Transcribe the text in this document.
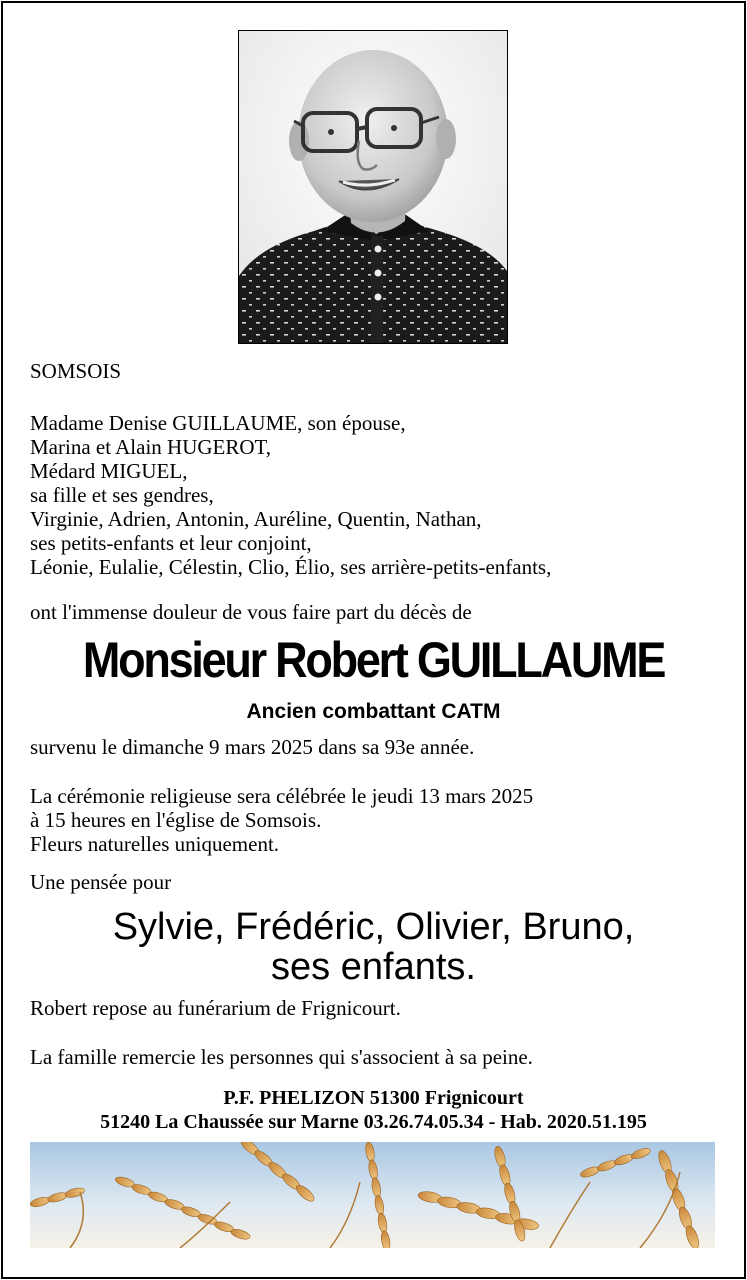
SOMSOIS
Madame Denise GUILLAUME, son épouse,
Marina et Alain HUGEROT,
Médard MIGUEL,
sa fille et ses gendres,
Virginie, Adrien, Antonin, Auréline, Quentin, Nathan,
ses petits-enfants et leur conjoint,
Léonie, Eulalie, Célestin, Clio, Élio, ses arrière-petits-enfants,
ont l'immense douleur de vous faire part du décès de
Monsieur Robert GUILLAUME
Ancien combattant CATM
survenu le dimanche 9 mars 2025 dans sa 93e année.
La cérémonie religieuse sera célébrée le jeudi 13 mars 2025
à 15 heures en l'église de Somsois.
Fleurs naturelles uniquement.
Une pensée pour
Sylvie, Frédéric, Olivier, Bruno,
ses enfants.
Robert repose au funérarium de Frignicourt.
La famille remercie les personnes qui s'associent à sa peine.
P.F. PHELIZON 51300 Frignicourt
51240 La Chaussée sur Marne 03.26.74.05.34 - Hab. 2020.51.195
